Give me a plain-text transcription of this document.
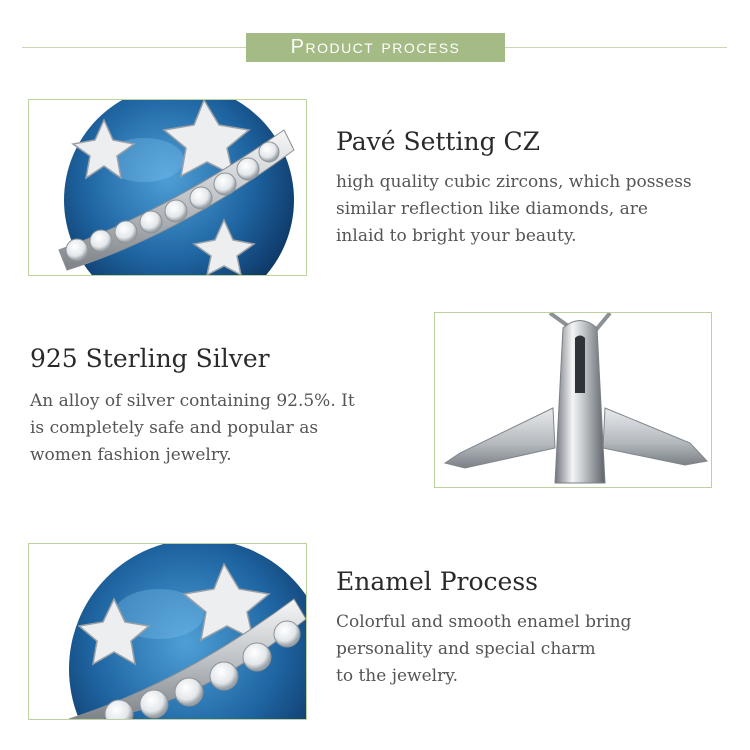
Product process
Pavé Setting CZ
high quality cubic zircons, which possess
similar reflection like diamonds, are
inlaid to bright your beauty.
925 Sterling Silver
An alloy of silver containing 92.5%. It
is completely safe and popular as
women fashion jewelry.
Enamel Process
Colorful and smooth enamel bring
personality and special charm
to the jewelry.
